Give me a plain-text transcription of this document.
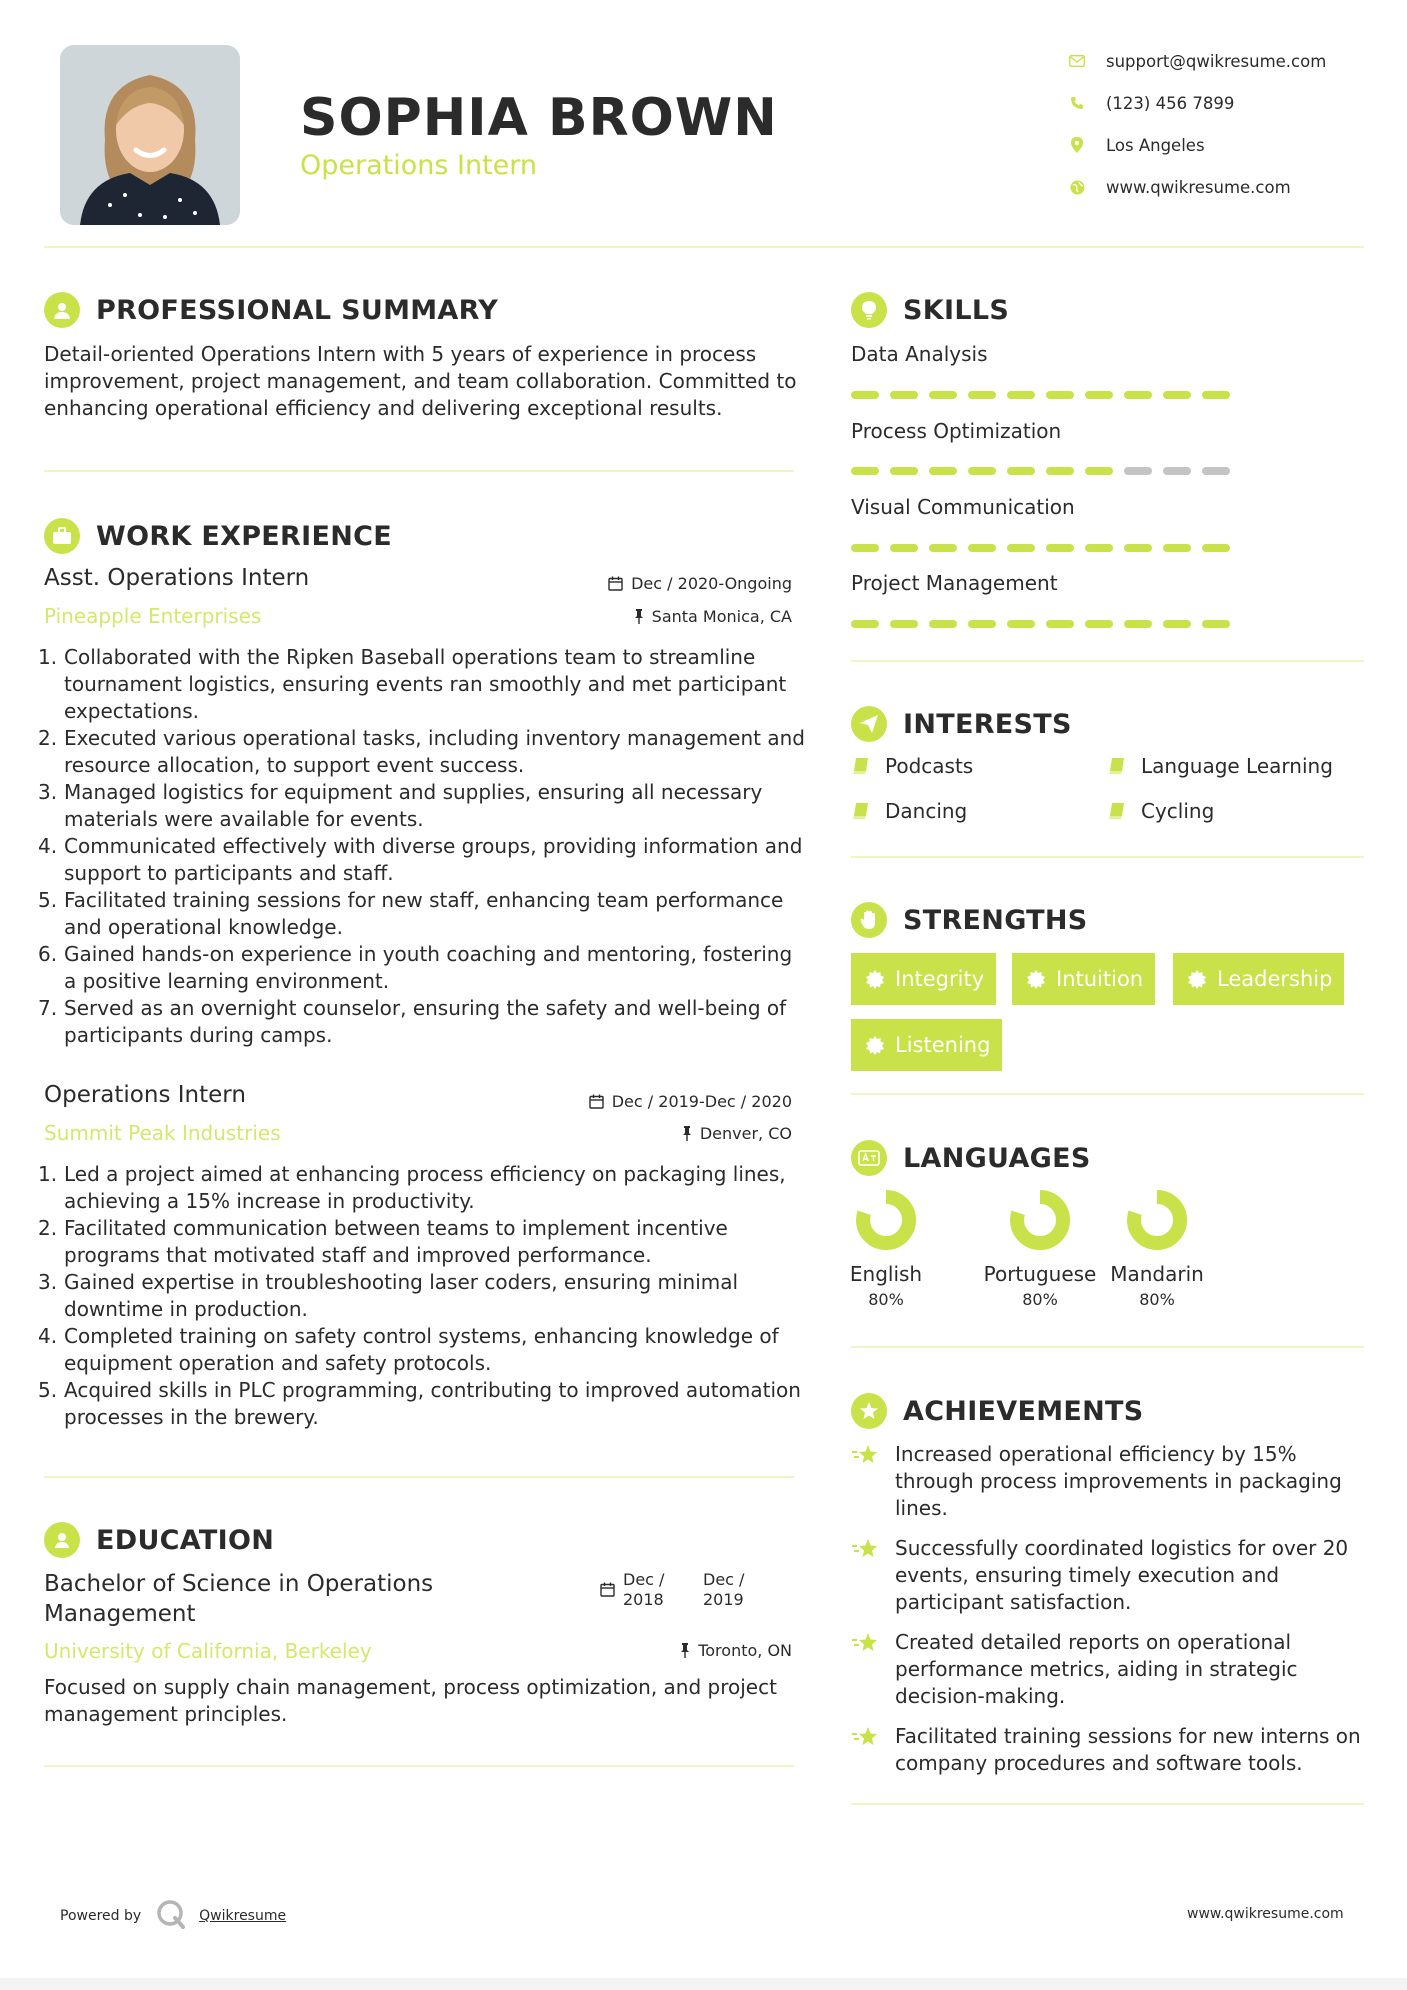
SOPHIA BROWN
Operations Intern
support@qwikresume.com
(123) 456 7899
Los Angeles
www.qwikresume.com
PROFESSIONAL SUMMARY
Detail-oriented Operations Intern with 5 years of experience in process improvement, project management, and team collaboration. Committed to enhancing operational efficiency and delivering exceptional results.
WORK EXPERIENCE
Asst. Operations Intern	Dec / 2020-Ongoing
Pineapple Enterprises	Santa Monica, CA
Collaborated with the Ripken Baseball operations team to streamline tournament logistics, ensuring events ran smoothly and met participant expectations.
Executed various operational tasks, including inventory management and resource allocation, to support event success.
Managed logistics for equipment and supplies, ensuring all necessary materials were available for events.
Communicated effectively with diverse groups, providing information and support to participants and staff.
Facilitated training sessions for new staff, enhancing team performance and operational knowledge.
Gained hands-on experience in youth coaching and mentoring, fostering a positive learning environment.
Served as an overnight counselor, ensuring the safety and well-being of participants during camps.
Operations Intern	Dec / 2019-Dec / 2020
Summit Peak Industries	Denver, CO
Led a project aimed at enhancing process efficiency on packaging lines, achieving a 15% increase in productivity.
Facilitated communication between teams to implement incentive programs that motivated staff and improved performance.
Gained expertise in troubleshooting laser coders, ensuring minimal downtime in production.
Completed training on safety control systems, enhancing knowledge of equipment operation and safety protocols.
Acquired skills in PLC programming, contributing to improved automation processes in the brewery.
EDUCATION
Bachelor of Science in Operations Management
Dec / 2018
Dec / 2019
University of California, Berkeley	Toronto, ON
Focused on supply chain management, process optimization, and project management principles.
SKILLS
Data Analysis
Process Optimization
Visual Communication
Project Management
INTERESTS
Podcasts	Language Learning
Dancing	Cycling
STRENGTHS
Integrity	Intuition	Leadership
Listening
LANGUAGES
English
80%
Portuguese
80%
Mandarin
80%
ACHIEVEMENTS
Increased operational efficiency by 15% through process improvements in packaging lines.
Successfully coordinated logistics for over 20 events, ensuring timely execution and participant satisfaction.
Created detailed reports on operational performance metrics, aiding in strategic decision-making.
Facilitated training sessions for new interns on company procedures and software tools.
Powered by	Qwikresume	www.qwikresume.com
